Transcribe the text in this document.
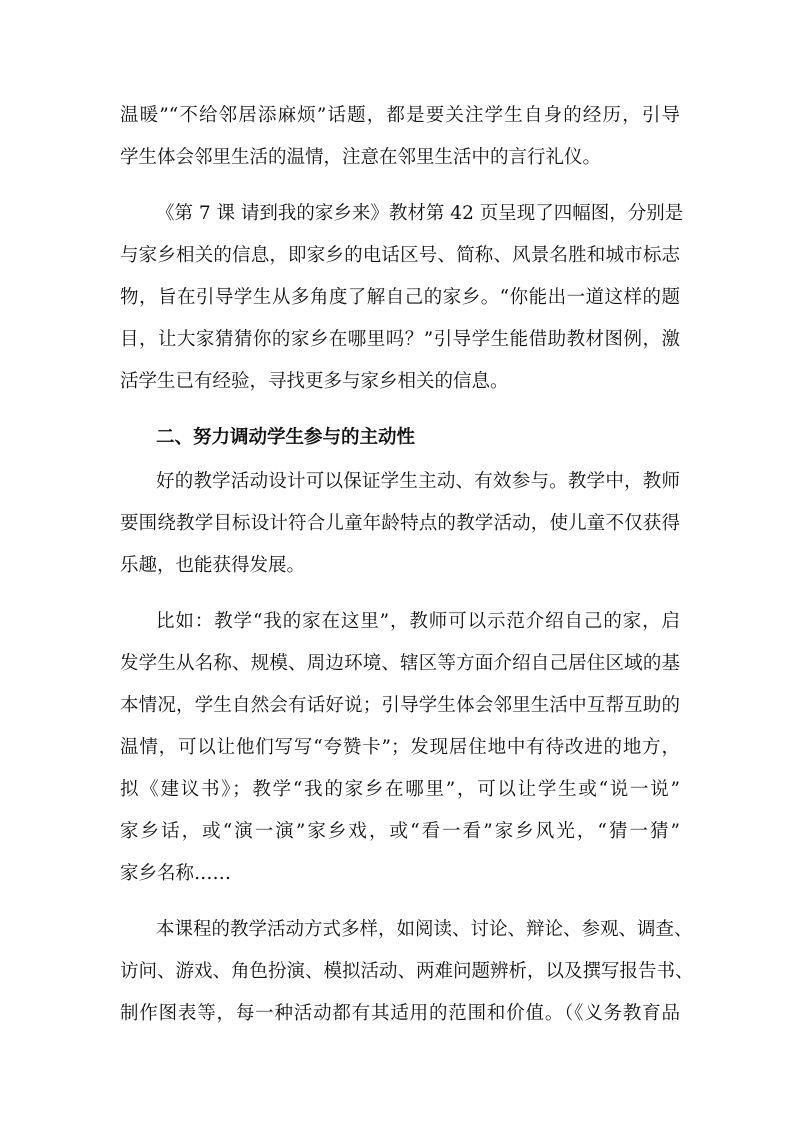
温暖”“不给邻居添麻烦”话题，都是要关注学生自身的经历，引导
学生体会邻里生活的温情，注意在邻里生活中的言行礼仪。
《第 7 课 请到我的家乡来》教材第 42 页呈现了四幅图，分别是
与家乡相关的信息，即家乡的电话区号、简称、风景名胜和城市标志
物，旨在引导学生从多角度了解自己的家乡。“你能出一道这样的题
目，让大家猜猜你的家乡在哪里吗？”引导学生能借助教材图例，激
活学生已有经验，寻找更多与家乡相关的信息。
二、努力调动学生参与的主动性
好的教学活动设计可以保证学生主动、有效参与。教学中，教师
要围绕教学目标设计符合儿童年龄特点的教学活动，使儿童不仅获得
乐趣，也能获得发展。
比如：教学“我的家在这里”，教师可以示范介绍自己的家，启
发学生从名称、规模、周边环境、辖区等方面介绍自己居住区域的基
本情况，学生自然会有话好说；引导学生体会邻里生活中互帮互助的
温情，可以让他们写写“夸赞卡”；发现居住地中有待改进的地方，
拟《建议书》；教学“我的家乡在哪里”，可以让学生或“说一说”
家乡话，或“演一演”家乡戏，或“看一看”家乡风光，“猜一猜”
家乡名称……
本课程的教学活动方式多样，如阅读、讨论、辩论、参观、调查、
访问、游戏、角色扮演、模拟活动、两难问题辨析，以及撰写报告书、
制作图表等，每一种活动都有其适用的范围和价值。（《义务教育品
